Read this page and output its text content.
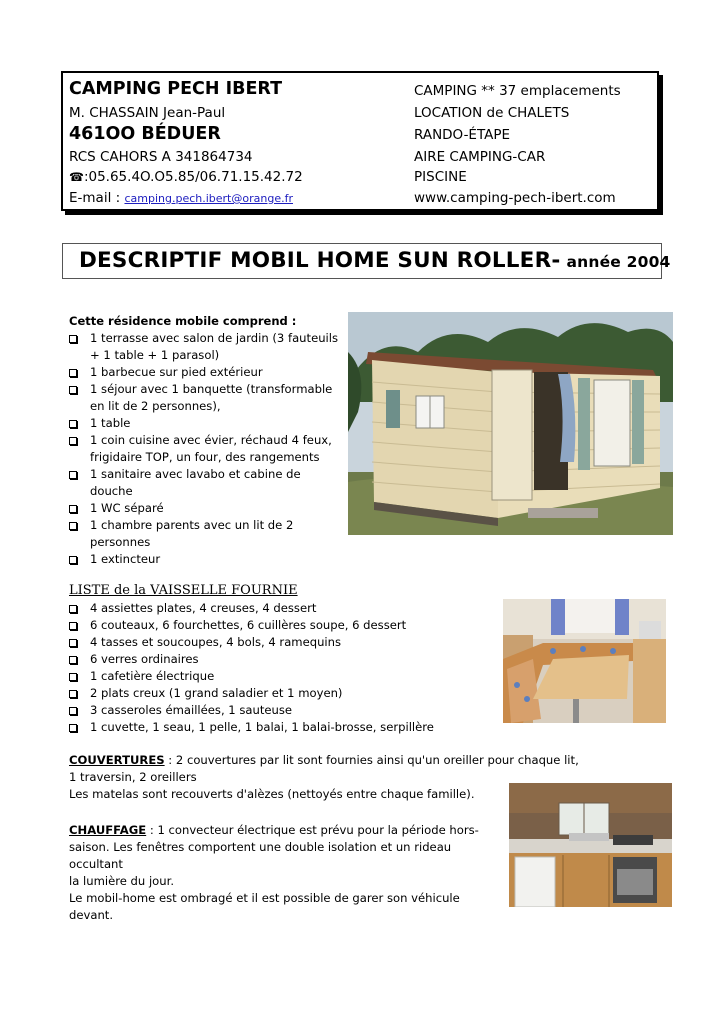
CAMPING PECH IBERT
M. CHASSAIN Jean-Paul
461OO BÉDUER
RCS CAHORS A 341864734
☎:05.65.4O.O5.85/06.71.15.42.72
E-mail : camping.pech.ibert@orange.fr
CAMPING ** 37 emplacements
LOCATION de CHALETS
RANDO-ÉTAPE
AIRE CAMPING-CAR
PISCINE
www.camping-pech-ibert.com
DESCRIPTIF MOBIL HOME SUN ROLLER- année 2004
Cette résidence mobile comprend :
1 terrasse avec salon de jardin (3 fauteuils + 1 table + 1 parasol)
1 barbecue sur pied extérieur
1 séjour avec 1 banquette (transformable en lit de 2 personnes),
1 table
1 coin cuisine avec évier, réchaud 4 feux, frigidaire TOP, un four, des rangements
1 sanitaire avec lavabo et cabine de douche
1 WC séparé
1 chambre parents avec un lit de 2 personnes
1 extincteur
LISTE de la VAISSELLE FOURNIE
4 assiettes plates, 4 creuses, 4 dessert
6 couteaux, 6 fourchettes, 6 cuillères soupe, 6 dessert
4 tasses et soucoupes, 4 bols, 4 ramequins
6 verres ordinaires
1 cafetière électrique
2 plats creux (1 grand saladier et 1 moyen)
3 casseroles émaillées, 1 sauteuse
1 cuvette, 1 seau, 1 pelle, 1 balai, 1 balai-brosse, serpillère
COUVERTURES : 2 couvertures par lit sont fournies ainsi qu'un oreiller pour chaque lit,
1 traversin, 2 oreillers
Les matelas sont recouverts d'alèzes (nettoyés entre chaque famille).
CHAUFFAGE : 1 convecteur électrique est prévu pour la période hors-
saison. Les fenêtres comportent une double isolation et un rideau occultant
la lumière du jour.
Le mobil-home est ombragé et il est possible de garer son véhicule devant.
